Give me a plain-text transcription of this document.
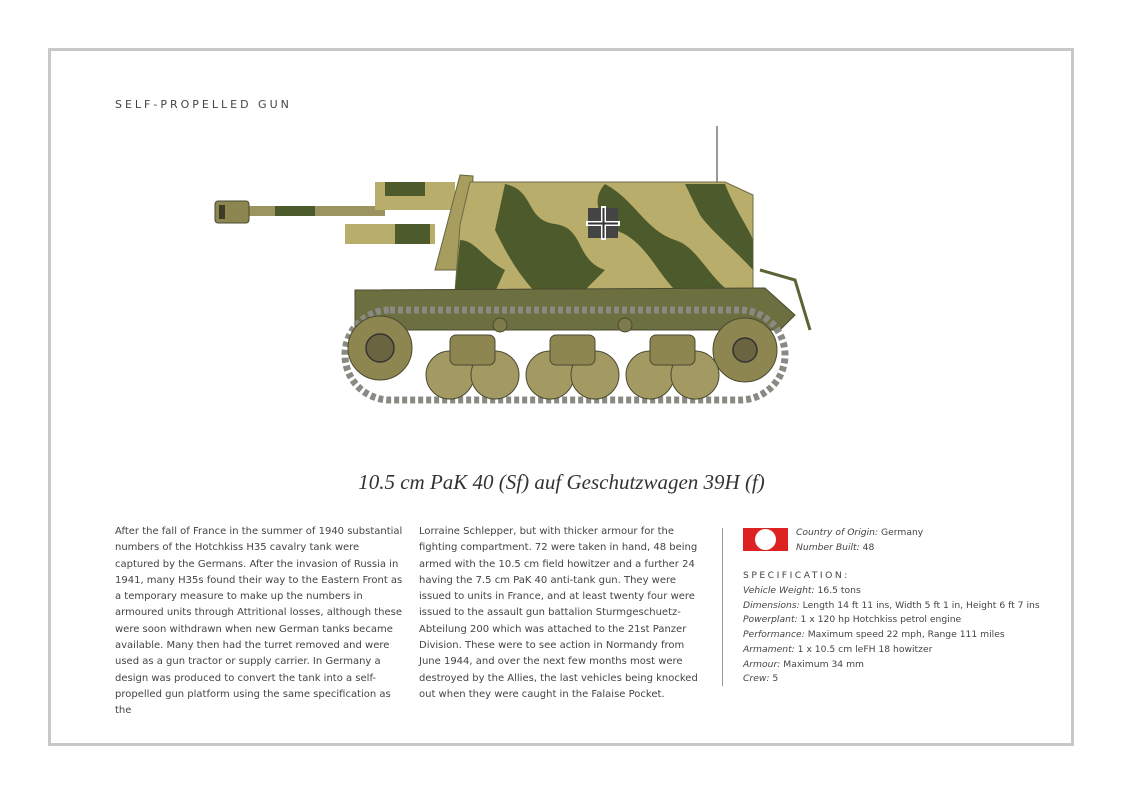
SELF-PROPELLED GUN
10.5 cm PaK 40 (Sf) auf Geschutzwagen 39H (f)
After the fall of France in the summer of 1940 substantial numbers of the Hotchkiss H35 cavalry tank were captured by the Germans. After the invasion of Russia in 1941, many H35s found their way to the Eastern Front as a temporary measure to make up the numbers in armoured units through Attritional losses, although these were soon withdrawn when new German tanks became available. Many then had the turret removed and were used as a gun tractor or supply carrier. In Germany a design was produced to convert the tank into a self-propelled gun platform using the same specification as the
Lorraine Schlepper, but with thicker armour for the fighting compartment. 72 were taken in hand, 48 being armed with the 10.5 cm field howitzer and a further 24 having the 7.5 cm PaK 40 anti-tank gun. They were issued to units in France, and at least twenty four were issued to the assault gun battalion Sturmgeschuetz-Abteilung 200 which was attached to the 21st Panzer Division. These were to see action in Normandy from June 1944, and over the next few months most were destroyed by the Allies, the last vehicles being knocked out when they were caught in the Falaise Pocket.
Country of Origin: Germany
Number Built: 48
SPECIFICATION:
Vehicle Weight: 16.5 tons
Dimensions: Length 14 ft 11 ins, Width 5 ft 1 in, Height 6 ft 7 ins
Powerplant: 1 x 120 hp Hotchkiss petrol engine
Performance: Maximum speed 22 mph, Range 111 miles
Armament: 1 x 10.5 cm leFH 18 howitzer
Armour: Maximum 34 mm
Crew: 5
